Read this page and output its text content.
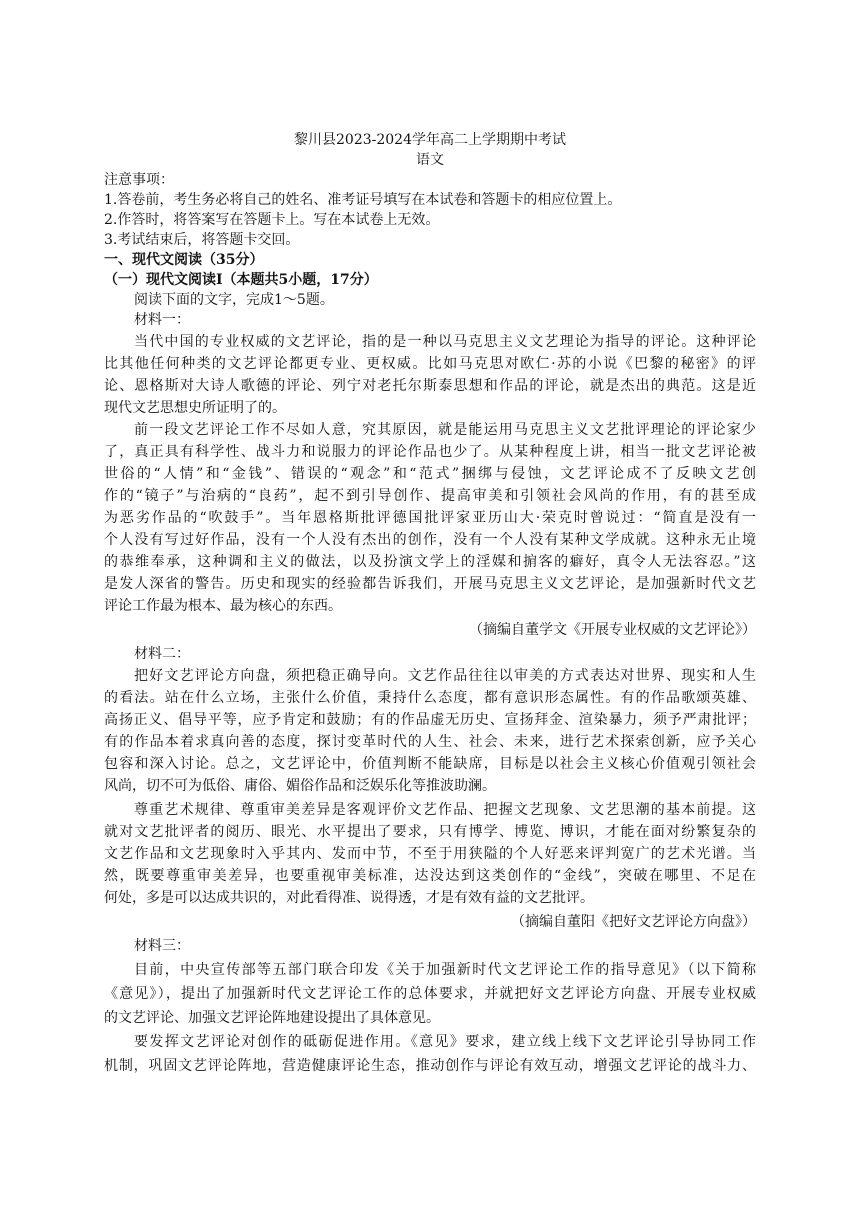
黎川县2023-2024学年高二上学期期中考试
语文
注意事项：
1.答卷前，考生务必将自己的姓名、准考证号填写在本试卷和答题卡的相应位置上。
2.作答时，将答案写在答题卡上。写在本试卷上无效。
3.考试结束后，将答题卡交回。
一、现代文阅读（35分）
（一）现代文阅读Ⅰ（本题共5小题，17分）
阅读下面的文字，完成1～5题。
材料一：
当代中国的专业权威的文艺评论，指的是一种以马克思主义文艺理论为指导的评论。这种评论
比其他任何种类的文艺评论都更专业、更权威。比如马克思对欧仁·苏的小说《巴黎的秘密》的评
论、恩格斯对大诗人歌德的评论、列宁对老托尔斯泰思想和作品的评论，就是杰出的典范。这是近
现代文艺思想史所证明了的。
前一段文艺评论工作不尽如人意，究其原因，就是能运用马克思主义文艺批评理论的评论家少
了，真正具有科学性、战斗力和说服力的评论作品也少了。从某种程度上讲，相当一批文艺评论被
世俗的“人情”和“金钱”、错误的“观念”和“范式”捆绑与侵蚀，文艺评论成不了反映文艺创
作的“镜子”与治病的“良药”，起不到引导创作、提高审美和引领社会风尚的作用，有的甚至成
为恶劣作品的“吹鼓手”。当年恩格斯批评德国批评家亚历山大·荣克时曾说过：“简直是没有一
个人没有写过好作品，没有一个人没有杰出的创作，没有一个人没有某种文学成就。这种永无止境
的恭维奉承，这种调和主义的做法，以及扮演文学上的淫媒和掮客的癖好，真令人无法容忍。”这
是发人深省的警告。历史和现实的经验都告诉我们，开展马克思主义文艺评论，是加强新时代文艺
评论工作最为根本、最为核心的东西。
（摘编自董学文《开展专业权威的文艺评论》）
材料二：
把好文艺评论方向盘，须把稳正确导向。文艺作品往往以审美的方式表达对世界、现实和人生
的看法。站在什么立场，主张什么价值，秉持什么态度，都有意识形态属性。有的作品歌颂英雄、
高扬正义、倡导平等，应予肯定和鼓励；有的作品虚无历史、宣扬拜金、渲染暴力，须予严肃批评；
有的作品本着求真向善的态度，探讨变革时代的人生、社会、未来，进行艺术探索创新，应予关心
包容和深入讨论。总之，文艺评论中，价值判断不能缺席，目标是以社会主义核心价值观引领社会
风尚，切不可为低俗、庸俗、媚俗作品和泛娱乐化等推波助澜。
尊重艺术规律、尊重审美差异是客观评价文艺作品、把握文艺现象、文艺思潮的基本前提。这
就对文艺批评者的阅历、眼光、水平提出了要求，只有博学、博览、博识，才能在面对纷繁复杂的
文艺作品和文艺现象时入乎其内、发而中节，不至于用狭隘的个人好恶来评判宽广的艺术光谱。当
然，既要尊重审美差异，也要重视审美标准，达没达到这类创作的“金线”，突破在哪里、不足在
何处，多是可以达成共识的，对此看得准、说得透，才是有效有益的文艺批评。
（摘编自董阳《把好文艺评论方向盘》）
材料三：
目前，中央宣传部等五部门联合印发《关于加强新时代文艺评论工作的指导意见》（以下简称
《意见》），提出了加强新时代文艺评论工作的总体要求，并就把好文艺评论方向盘、开展专业权威
的文艺评论、加强文艺评论阵地建设提出了具体意见。
要发挥文艺评论对创作的砥砺促进作用。《意见》要求，建立线上线下文艺评论引导协同工作
机制，巩固文艺评论阵地，营造健康评论生态，推动创作与评论有效互动，增强文艺评论的战斗力、
